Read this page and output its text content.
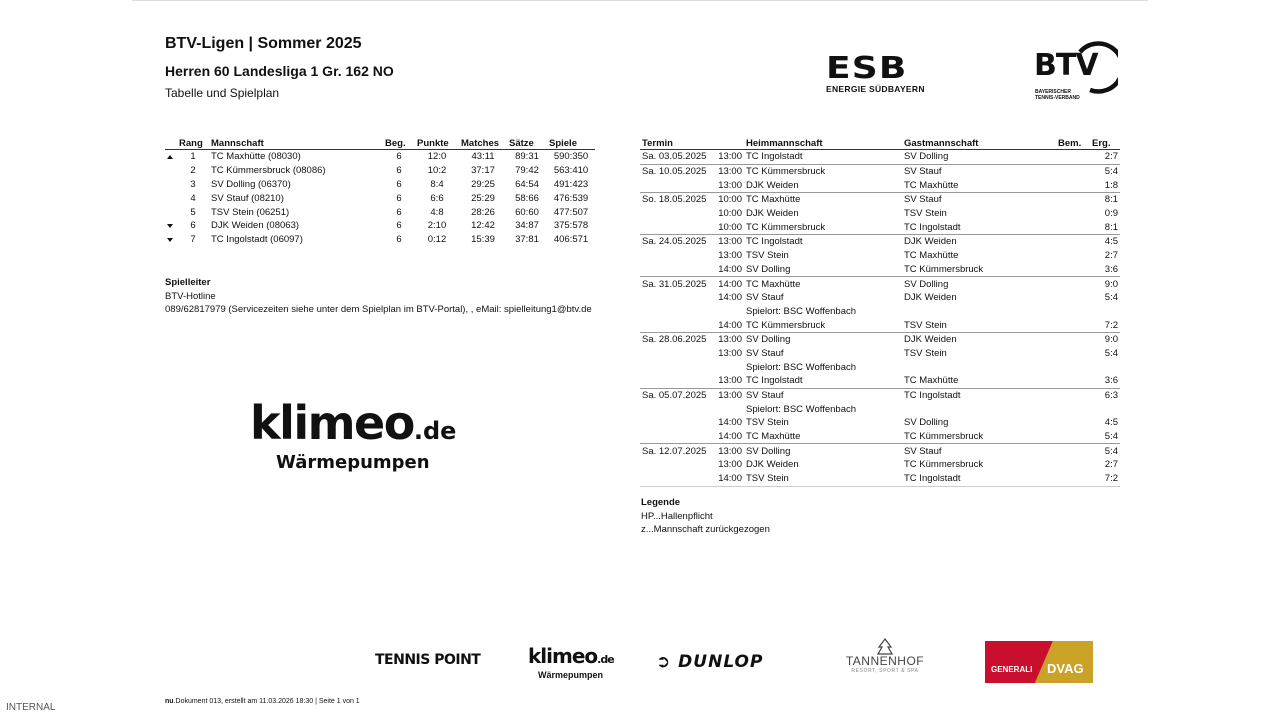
BTV-Ligen | Sommer 2025
Herren 60 Landesliga 1 Gr. 162 NO
Tabelle und Spielplan
ESB
ENERGIE SÜDBAYERN
BTV
BAYERISCHER
TENNIS-VERBAND
	Rang	Mannschaft	Beg.	Punkte	Matches	Sätze	Spiele
	1	TC Maxhütte (08030)	6	12:0	43:11	89:31	590:350
	2	TC Kümmersbruck (08086)	6	10:2	37:17	79:42	563:410
	3	SV Dolling (06370)	6	8:4	29:25	64:54	491:423
	4	SV Stauf (08210)	6	6:6	25:29	58:66	476:539
	5	TSV Stein (06251)	6	4:8	28:26	60:60	477:507
	6	DJK Weiden (08063)	6	2:10	12:42	34:87	375:578
	7	TC Ingolstadt (06097)	6	0:12	15:39	37:81	406:571
Termin		Heimmannschaft	Gastmannschaft	Bem.	Erg.
Sa. 03.05.2025	13:00	TC Ingolstadt	SV Dolling		2:7
Sa. 10.05.2025	13:00	TC Kümmersbruck	SV Stauf		5:4
	13:00	DJK Weiden	TC Maxhütte		1:8
So. 18.05.2025	10:00	TC Maxhütte	SV Stauf		8:1
	10:00	DJK Weiden	TSV Stein		0:9
	10:00	TC Kümmersbruck	TC Ingolstadt		8:1
Sa. 24.05.2025	13:00	TC Ingolstadt	DJK Weiden		4:5
	13:00	TSV Stein	TC Maxhütte		2:7
	14:00	SV Dolling	TC Kümmersbruck		3:6
Sa. 31.05.2025	14:00	TC Maxhütte	SV Dolling		9:0
	14:00	SV Stauf	DJK Weiden		5:4
		Spielort: BSC Woffenbach			
	14:00	TC Kümmersbruck	TSV Stein		7:2
Sa. 28.06.2025	13:00	SV Dolling	DJK Weiden		9:0
	13:00	SV Stauf	TSV Stein		5:4
		Spielort: BSC Woffenbach			
	13:00	TC Ingolstadt	TC Maxhütte		3:6
Sa. 05.07.2025	13:00	SV Stauf	TC Ingolstadt		6:3
		Spielort: BSC Woffenbach			
	14:00	TSV Stein	SV Dolling		4:5
	14:00	TC Maxhütte	TC Kümmersbruck		5:4
Sa. 12.07.2025	13:00	SV Dolling	SV Stauf		5:4
	13:00	DJK Weiden	TC Kümmersbruck		2:7
	14:00	TSV Stein	TC Ingolstadt		7:2
Spielleiter
BTV-Hotline
089/62817979 (Servicezeiten siehe unter dem Spielplan im BTV-Portal), , eMail: spielleitung1@btv.de
Legende
HP...Hallenpflicht
z...Mannschaft zurückgezogen
klimeo.de
Wärmepumpen
TENNIS POINT klimeo.de
Wärmepumpen
➲ DUNLOP	TANNENHOF
RESORT, SPORT & SPA	GENERALI DVAG
nu.Dokument 013, erstellt am 11.03.2026 18:30 | Seite 1 von 1
INTERNAL
